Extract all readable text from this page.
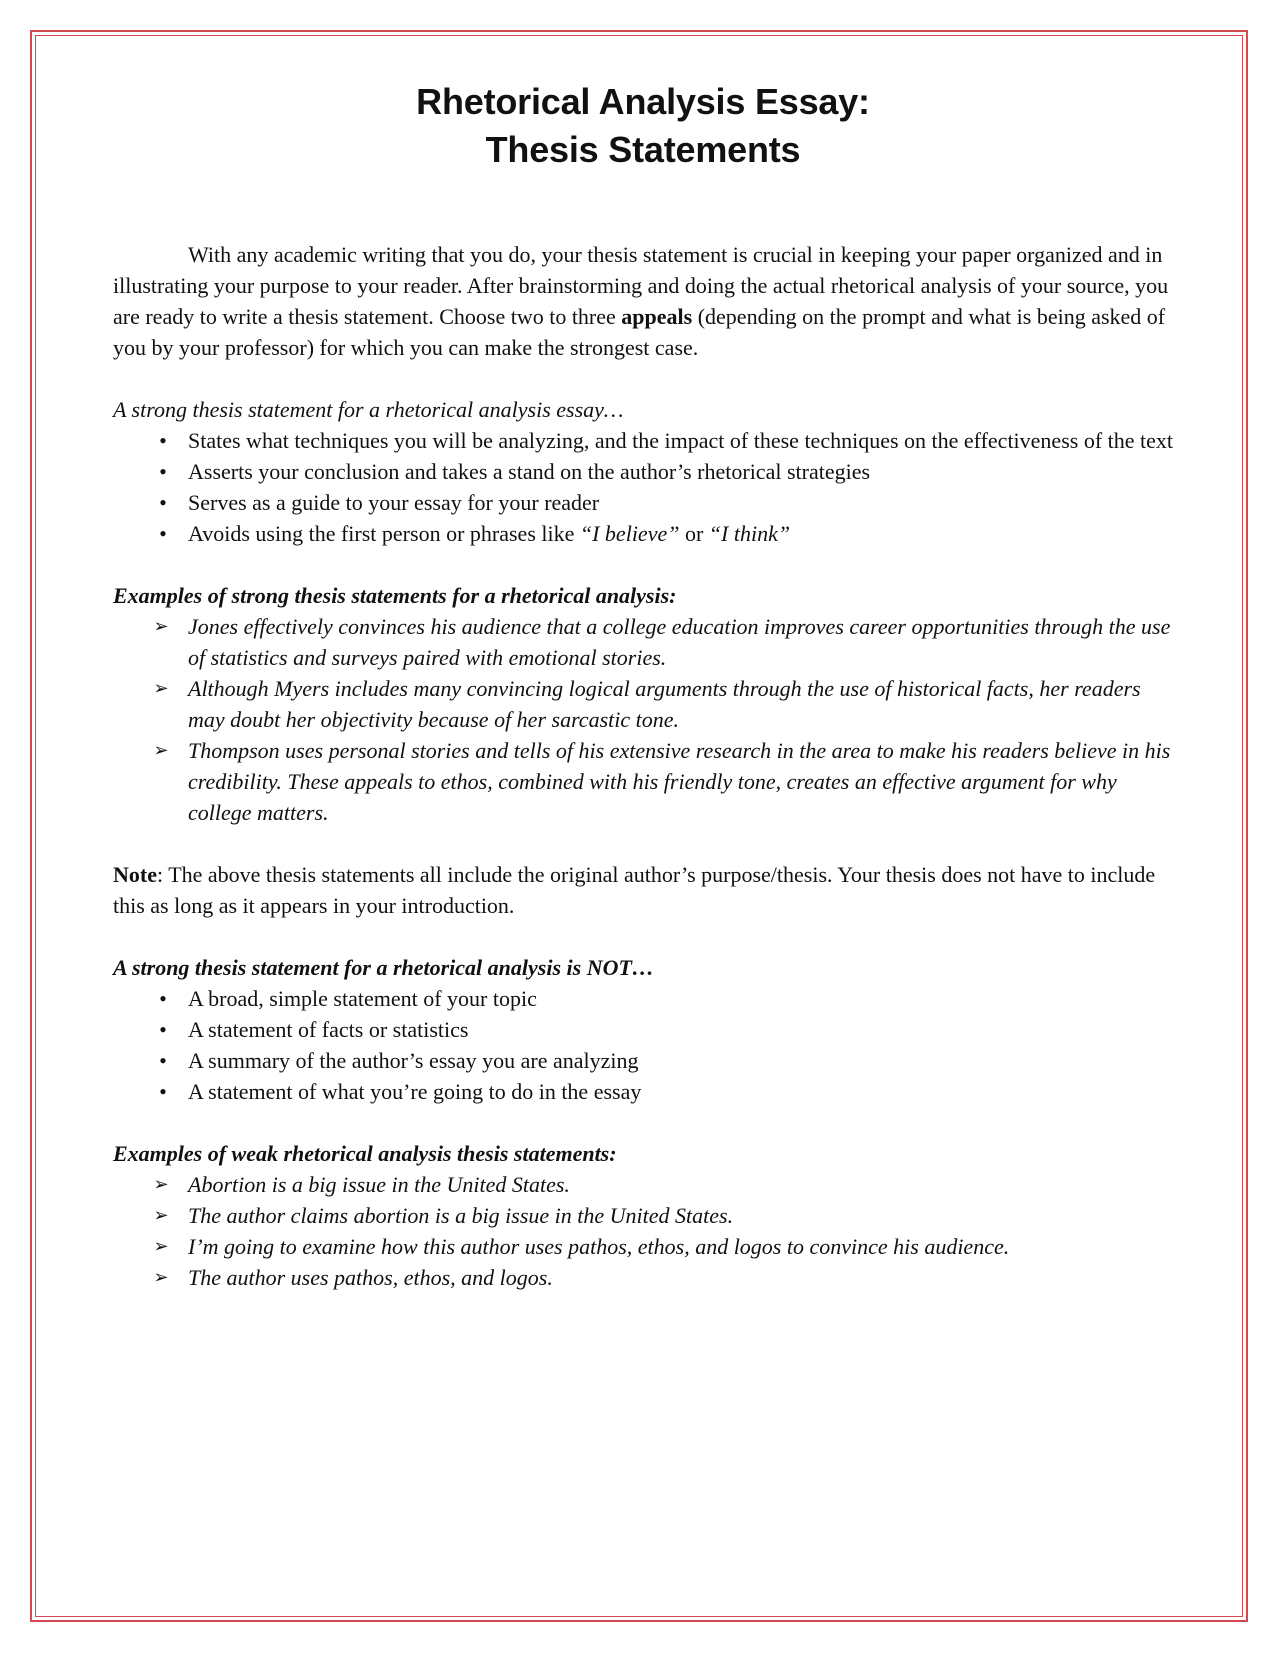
Rhetorical Analysis Essay:
Thesis Statements

With any academic writing that you do, your thesis statement is crucial in keeping your paper organized and in illustrating your purpose to your reader. After brainstorming and doing the actual rhetorical analysis of your source, you are ready to write a thesis statement. Choose two to three appeals (depending on the prompt and what is being asked of you by your professor) for which you can make the strongest case.

A strong thesis statement for a rhetorical analysis essay…
• States what techniques you will be analyzing, and the impact of these techniques on the effectiveness of the text
• Asserts your conclusion and takes a stand on the author’s rhetorical strategies
• Serves as a guide to your essay for your reader
• Avoids using the first person or phrases like “I believe” or “I think”
Examples of strong thesis statements for a rhetorical analysis:
➢ Jones effectively convinces his audience that a college education improves career opportunities through the use of statistics and surveys paired with emotional stories.
➢ Although Myers includes many convincing logical arguments through the use of historical facts, her readers may doubt her objectivity because of her sarcastic tone.
➢ Thompson uses personal stories and tells of his extensive research in the area to make his readers believe in his credibility. These appeals to ethos, combined with his friendly tone, creates an effective argument for why college matters.
Note: The above thesis statements all include the original author’s purpose/thesis. Your thesis does not have to include this as long as it appears in your introduction.
A strong thesis statement for a rhetorical analysis is NOT…
• A broad, simple statement of your topic
• A statement of facts or statistics
• A summary of the author’s essay you are analyzing
• A statement of what you’re going to do in the essay
Examples of weak rhetorical analysis thesis statements:
➢ Abortion is a big issue in the United States.
➢ The author claims abortion is a big issue in the United States.
➢ I’m going to examine how this author uses pathos, ethos, and logos to convince his audience.
➢ The author uses pathos, ethos, and logos.
